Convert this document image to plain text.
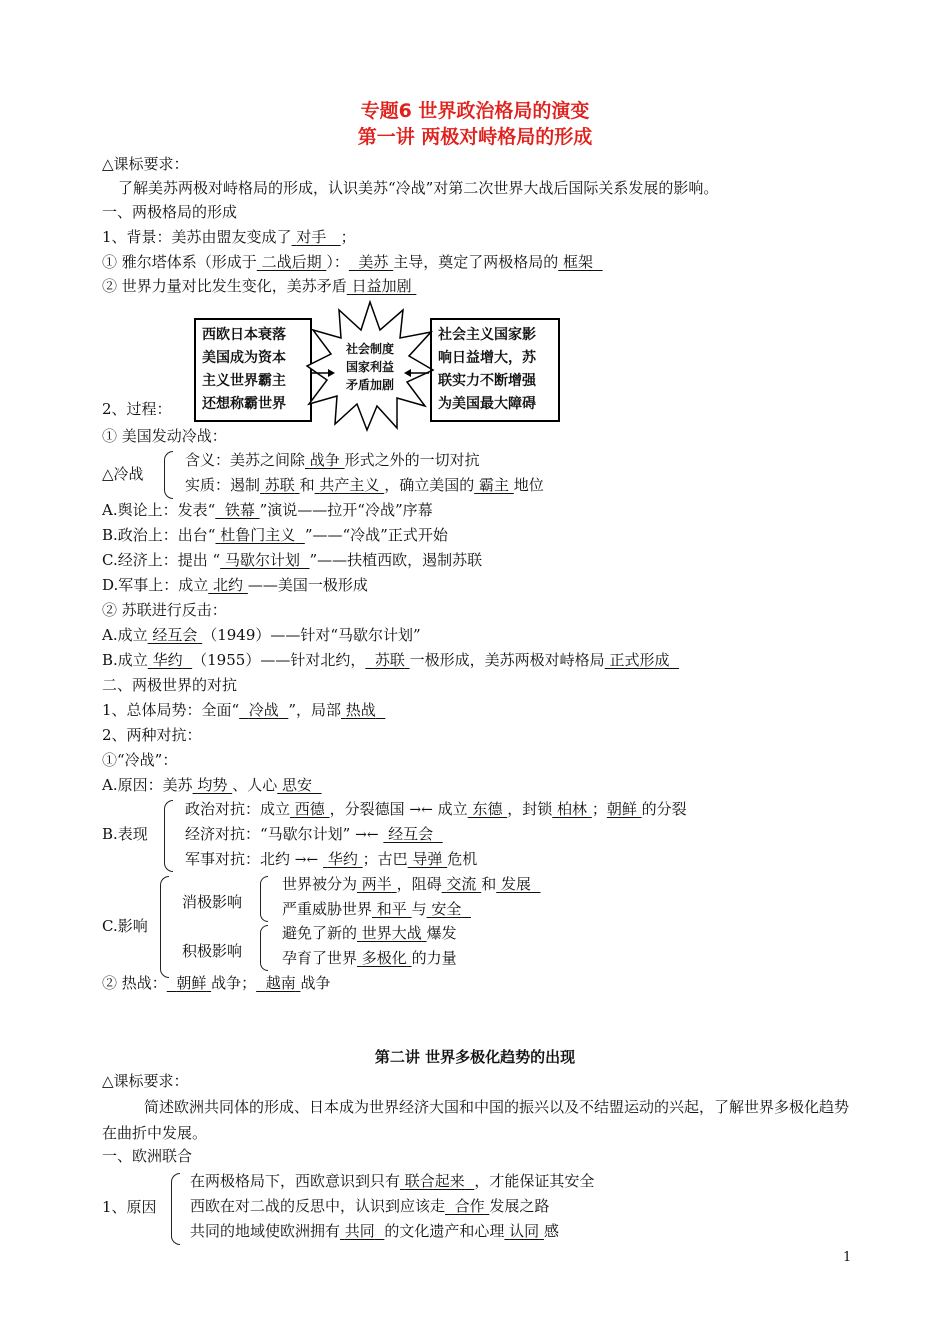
专题6 世界政治格局的演变
第一讲 两极对峙格局的形成
△课标要求：
了解美苏两极对峙格局的形成，认识美苏“冷战”对第二次世界大战后国际关系发展的影响。
一、两极格局的形成
1、背景：美苏由盟友变成了 对手 ；
① 雅尔塔体系（形成于 二战后期 ）： 美苏 主导，奠定了两极格局的 框架
② 世界力量对比发生变化，美苏矛盾 日益加剧
西欧日本衰落
美国成为资本
主义世界霸主
还想称霸世界
社会制度
国家利益
矛盾加剧
社会主义国家影
响日益增大，苏
联实力不断增强
为美国最大障碍
2、过程：
① 美国发动冷战：
△冷战
含义：美苏之间除 战争 形式之外的一切对抗
实质：遏制 苏联 和 共产主义 ，确立美国的 霸主 地位
A.舆论上：发表“ 铁幕 ”演说——拉开“冷战”序幕
B.政治上：出台“ 杜鲁门主义 ”——“冷战”正式开始
C.经济上：提出 “ 马歇尔计划 ”——扶植西欧，遏制苏联
D.军事上：成立 北约 ——美国一极形成
② 苏联进行反击：
A.成立 经互会 （1949）——针对“马歇尔计划”
B.成立 华约 （1955）——针对北约， 苏联 一极形成，美苏两极对峙格局 正式形成
二、两极世界的对抗
1、总体局势：全面“ 冷战 ”，局部 热战
2、两种对抗：
①“冷战”：
A.原因：美苏 均势 、人心 思安
B.表现
政治对抗：成立 西德 ，分裂德国 →← 成立 东德 ，封锁 柏林 ；朝鲜 的分裂
经济对抗：“马歇尔计划” →← 经互会
军事对抗：北约 →← 华约 ；古巴 导弹 危机
C.影响
消极影响
积极影响
世界被分为 两半 ，阻碍 交流 和 发展
严重威胁世界 和平 与 安全
避免了新的 世界大战 爆发
孕育了世界 多极化 的力量
② 热战： 朝鲜 战争； 越南 战争
第二讲 世界多极化趋势的出现
△课标要求：
简述欧洲共同体的形成、日本成为世界经济大国和中国的振兴以及不结盟运动的兴起，了解世界多极化趋势在曲折中发展。
一、欧洲联合
1、原因
在两极格局下，西欧意识到只有 联合起来 ，才能保证其安全
西欧在对二战的反思中，认识到应该走 合作 发展之路
共同的地域使欧洲拥有 共同 的文化遗产和心理 认同 感
1
